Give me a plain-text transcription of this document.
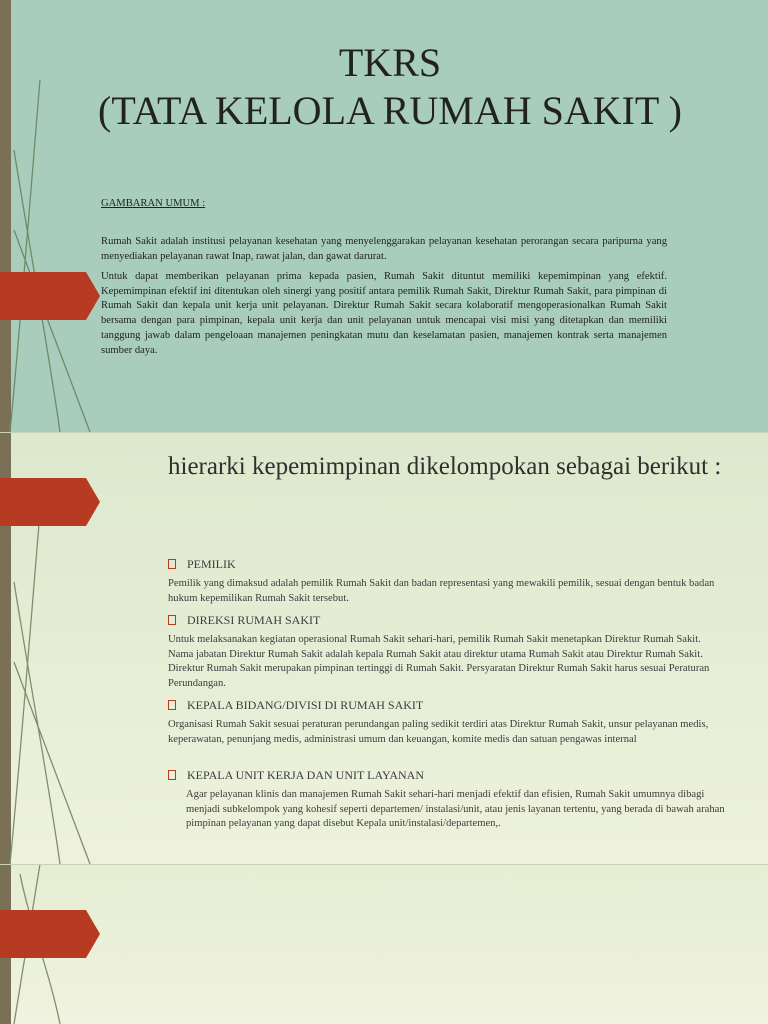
TKRS
(TATA KELOLA RUMAH SAKIT )
GAMBARAN UMUM :
Rumah Sakit adalah institusi pelayanan kesehatan yang menyelenggarakan pelayanan kesehatan perorangan secara paripurna yang menyediakan pelayanan rawat Inap, rawat jalan, dan gawat darurat.
Untuk dapat memberikan pelayanan prima kepada pasien, Rumah Sakit dituntut memiliki kepemimpinan yang efektif. Kepemimpinan efektif ini ditentukan oleh sinergi yang positif antara pemilik Rumah Sakit, Direktur Rumah Sakit, para pimpinan di Rumah Sakit dan kepala unit kerja unit pelayanan. Direktur Rumah Sakit secara kolaboratif mengoperasionalkan Rumah Sakit bersama dengan para pimpinan, kepala unit kerja dan unit pelayanan untuk mencapai visi misi yang ditetapkan dan memiliki tanggung jawab dalam pengeloaan manajemen peningkatan mutu dan keselamatan pasien, manajemen kontrak serta manajemen sumber daya.
hierarki kepemimpinan dikelompokan sebagai berikut :
PEMILIK
Pemilik yang dimaksud adalah pemilik Rumah Sakit dan badan representasi yang mewakili pemilik, sesuai dengan bentuk badan hukum kepemilikan Rumah Sakit tersebut.
DIREKSI RUMAH SAKIT
Untuk melaksanakan kegiatan operasional Rumah Sakit sehari-hari, pemilik Rumah Sakit menetapkan Direktur Rumah Sakit. Nama jabatan Direktur Rumah Sakit adalah kepala Rumah Sakit atau direktur utama Rumah Sakit atau Direktur Rumah Sakit. Direktur Rumah Sakit merupakan pimpinan tertinggi di Rumah Sakit. Persyaratan Direktur Rumah Sakit harus sesuai Peraturan Perundangan.
KEPALA BIDANG/DIVISI DI RUMAH SAKIT
Organisasi Rumah Sakit sesuai peraturan perundangan paling sedikit terdiri atas Direktur Rumah Sakit, unsur pelayanan medis, keperawatan, penunjang medis, administrasi umum dan keuangan, komite medis dan satuan pengawas internal
KEPALA UNIT KERJA DAN UNIT LAYANAN
Agar pelayanan klinis dan manajemen Rumah Sakit sehari-hari menjadi efektif dan efisien, Rumah Sakit umumnya dibagi menjadi subkelompok yang kohesif seperti departemen/ instalasi/unit, atau jenis layanan tertentu, yang berada di bawah arahan pimpinan pelayanan yang dapat disebut Kepala unit/instalasi/departemen,.
